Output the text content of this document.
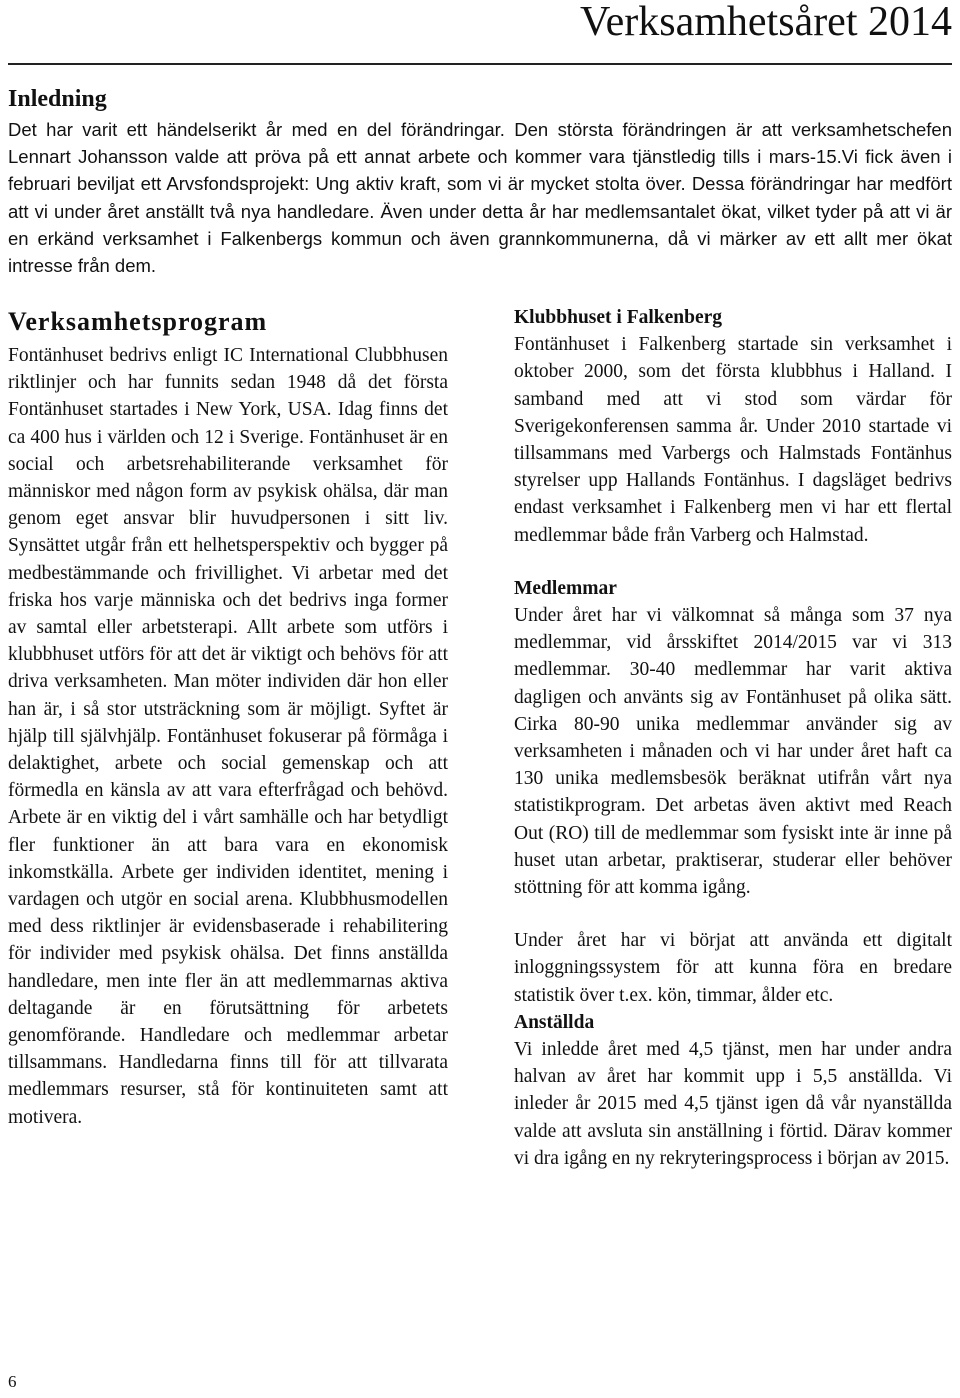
Verksamhetsåret 2014
Inledning

Det har varit ett händelserikt år med en del förändringar. Den största förändringen är att verksamhetschefen Lennart Johansson valde att pröva på ett annat arbete och kommer vara tjänstledig tills i mars-15.Vi fick även i februari beviljat ett Arvsfondsprojekt: Ung aktiv kraft, som vi är mycket stolta över. Dessa förändringar har medfört att vi under året anställt två nya handledare. Även under detta år har medlemsantalet ökat, vilket tyder på att vi är en erkänd verksamhet i Falkenbergs kommun och även grannkommunerna, då vi märker av ett allt mer ökat intresse från dem.

Verksamhetsprogram

Fontänhuset bedrivs enligt IC International Clubbhusen riktlinjer och har funnits sedan 1948 då det första Fontänhuset startades i New York, USA. Idag finns det ca 400 hus i världen och 12 i Sverige. Fontänhuset är en social och arbetsrehabiliterande verksamhet för människor med någon form av psykisk ohälsa, där man genom eget ansvar blir huvudpersonen i sitt liv. Synsättet utgår från ett helhetsperspektiv och bygger på medbestämmande och frivillighet. Vi arbetar med det friska hos varje människa och det bedrivs inga former av samtal eller arbetsterapi. Allt arbete som utförs i klubbhuset utförs för att det är viktigt och behövs för att driva verksamheten. Man möter individen där hon eller han är, i så stor utsträckning som är möjligt. Syftet är hjälp till självhjälp. Fontänhuset fokuserar på förmåga i delaktighet, arbete och social gemenskap och att förmedla en känsla av att vara efterfrågad och behövd. Arbete är en viktig del i vårt samhälle och har betydligt fler funktioner än att bara vara en ekonomisk inkomstkälla. Arbete ger individen identitet, mening i vardagen och utgör en social arena. Klubbhusmodellen med dess riktlinjer är evidensbaserade i rehabilitering för individer med psykisk ohälsa. Det finns anställda handledare, men inte fler än att medlemmarnas aktiva deltagande är en förutsättning för arbetets genomförande. Handledare och medlemmar arbetar tillsammans. Handledarna finns till för att tillvarata medlemmars resurser, stå för kontinuiteten samt att motivera.

Klubbhuset i Falkenberg

Fontänhuset i Falkenberg startade sin verksamhet i oktober 2000, som det första klubbhus i Halland. I samband med att vi stod som värdar för Sverigekonferensen samma år. Under 2010 startade vi tillsammans med Varbergs och Halmstads Fontänhus styrelser upp Hallands Fontänhus. I dagsläget bedrivs endast verksamhet i Falkenberg men vi har ett flertal medlemmar både från Varberg och Halmstad.

Medlemmar

Under året har vi välkomnat så många som 37 nya medlemmar, vid årsskiftet 2014/2015 var vi 313 medlemmar. 30-40 medlemmar har varit aktiva dagligen och använts sig av Fontänhuset på olika sätt. Cirka 80-90 unika medlemmar använder sig av verksamheten i månaden och vi har under året haft ca 130 unika medlemsbesök beräknat utifrån vårt nya statistikprogram. Det arbetas även aktivt med Reach Out (RO) till de medlemmar som fysiskt inte är inne på huset utan arbetar, praktiserar, studerar eller behöver stöttning för att komma igång.

Under året har vi börjat att använda ett digitalt inloggningssystem för att kunna föra en bredare statistik över t.ex. kön, timmar, ålder etc.

Anställda

Vi inledde året med 4,5 tjänst, men har under andra halvan av året har kommit upp i 5,5 anställda. Vi inleder år 2015 med 4,5 tjänst igen då vår nyanställda valde att avsluta sin anställning i förtid. Därav kommer vi dra igång en ny rekryteringsprocess i början av 2015.

6
